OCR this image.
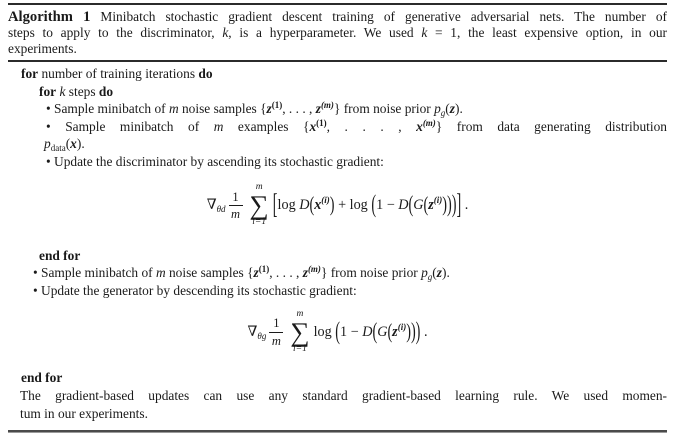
Algorithm 1 Minibatch stochastic gradient descent training of generative adversarial nets. The number of
steps to apply to the discriminator, k, is a hyperparameter. We used k = 1, the least expensive option, in our
experiments.
for number of training iterations do
for k steps do
• Sample minibatch of m noise samples {$z^{(1)}$, . . . , $z^{(m)}$} from noise prior $p_g(z)$.
• Sample minibatch of m examples {$x^{(1)}$, . . . , $x^{(m)}$} from data generating distribution
$p_{data}(x)$.
• Update the discriminator by ascending its stochastic gradient:
$\nabla_{\theta d} \frac{1}{m}$
m
∑
i=1
[ log D ( $x^{(i)}$ ) + log ( 1 − D ( G ( $z^{(i)}$ ) ) ) ] .
end for
• Sample minibatch of m noise samples {$z^{(1)}$, . . . , $z^{(m)}$} from noise prior $p_g(z)$.
• Update the generator by descending its stochastic gradient:
$\nabla_{\theta g} \frac{1}{m}$
m
∑
i=1
log ( 1 − D ( G ( $z^{(i)}$ ) ) ) .
end for
The gradient-based updates can use any standard gradient-based learning rule. We used momen-
tum in our experiments.
